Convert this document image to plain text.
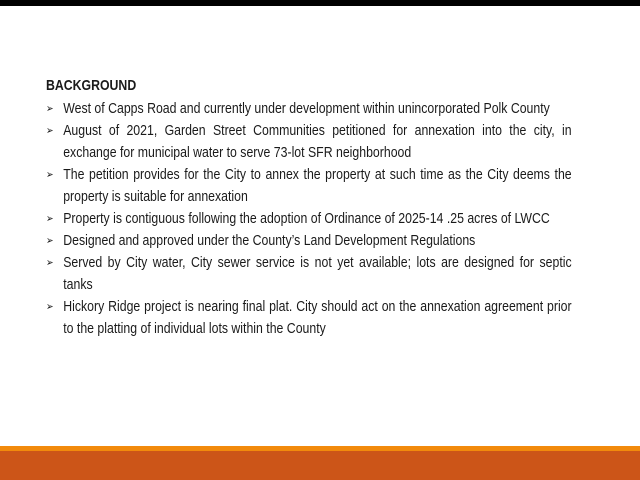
BACKGROUND
➢ West of Capps Road and currently under development within unincorporated Polk County
➢ August of 2021, Garden Street Communities petitioned for annexation into the city, in exchange for municipal water to serve 73-lot SFR neighborhood
➢ The petition provides for the City to annex the property at such time as the City deems the property is suitable for annexation
➢ Property is contiguous following the adoption of Ordinance of 2025-14 .25 acres of LWCC
➢ Designed and approved under the County’s Land Development Regulations
➢ Served by City water, City sewer service is not yet available; lots are designed for septic tanks
➢ Hickory Ridge project is nearing final plat. City should act on the annexation agreement prior to the platting of individual lots within the County
